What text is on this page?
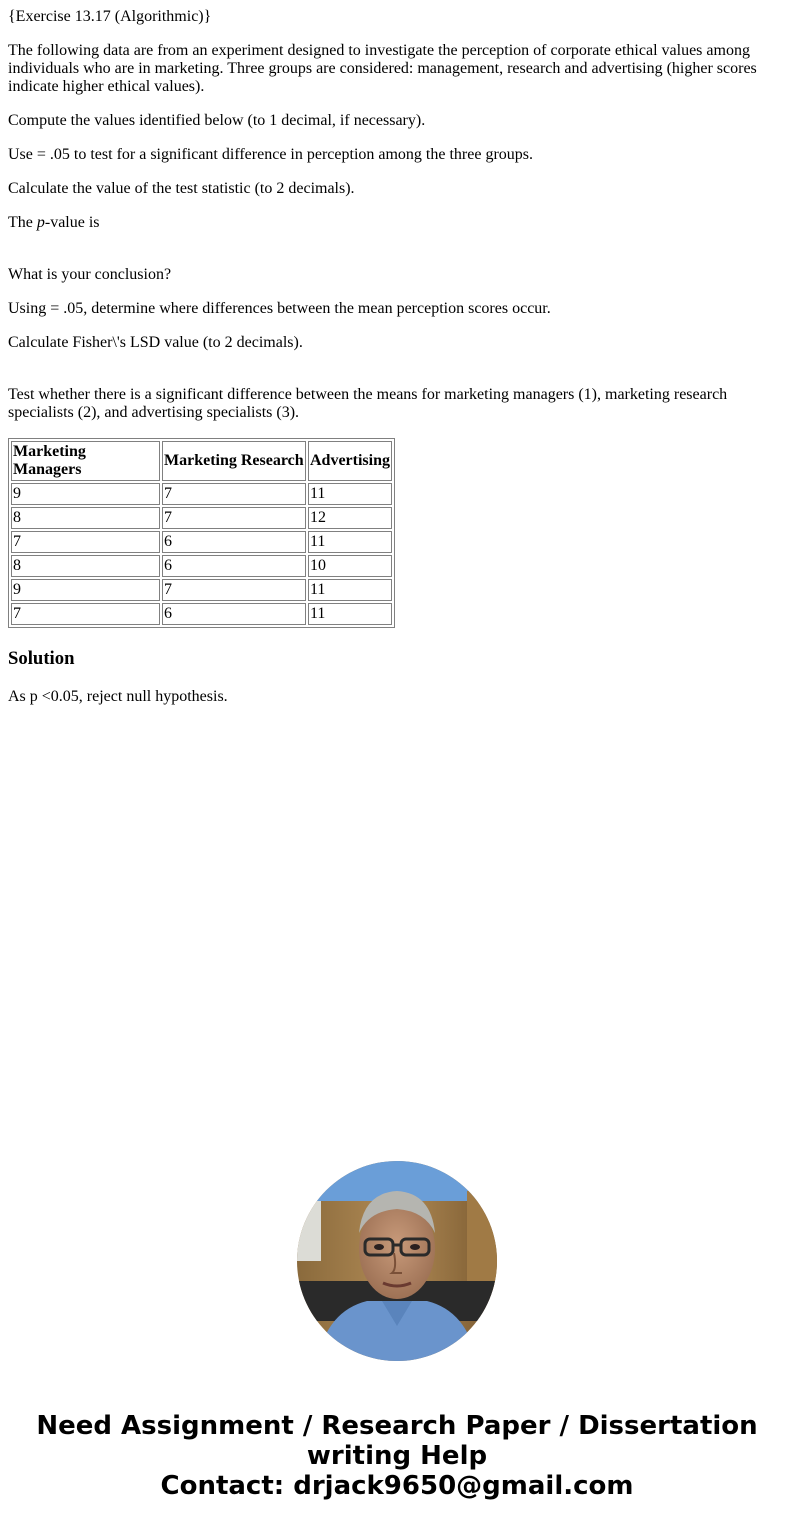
{Exercise 13.17 (Algorithmic)}

The following data are from an experiment designed to investigate the perception of corporate ethical values among individuals who are in marketing. Three groups are considered: management, research and advertising (higher scores indicate higher ethical values).

Compute the values identified below (to 1 decimal, if necessary).

Use = .05 to test for a significant difference in perception among the three groups.

Calculate the value of the test statistic (to 2 decimals).

The p-value is

What is your conclusion?

Using = .05, determine where differences between the mean perception scores occur.

Calculate Fisher\'s LSD value (to 2 decimals).

Test whether there is a significant difference between the means for marketing managers (1), marketing research specialists (2), and advertising specialists (3).

Marketing Managers	Marketing Research	Advertising
9	7	11
8	7	12
7	6	11
8	6	10
9	7	11
7	6	11
Solution

As p <0.05, reject null hypothesis.

Need Assignment / Research Paper / Dissertation
writing Help
Contact: drjack9650@gmail.com
